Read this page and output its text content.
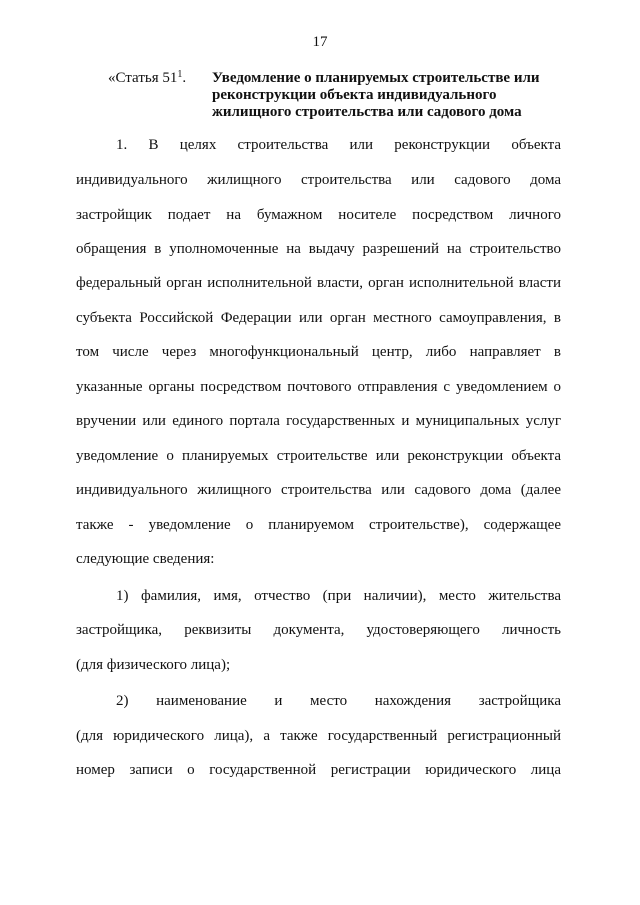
17
«Статья $51^1$. Уведомление о планируемых строительстве или
реконструкции объекта индивидуального
жилищного строительства или садового дома
1. В целях строительства или реконструкции объекта
индивидуального жилищного строительства или садового дома
застройщик подает на бумажном носителе посредством личного
обращения в уполномоченные на выдачу разрешений на строительство
федеральный орган исполнительной власти, орган исполнительной власти
субъекта Российской Федерации или орган местного самоуправления, в
том числе через многофункциональный центр, либо направляет в
указанные органы посредством почтового отправления с уведомлением о
вручении или единого портала государственных и муниципальных услуг
уведомление о планируемых строительстве или реконструкции объекта
индивидуального жилищного строительства или садового дома (далее
также - уведомление о планируемом строительстве), содержащее
следующие сведения:
1) фамилия, имя, отчество (при наличии), место жительства
застройщика, реквизиты документа, удостоверяющего личность
(для физического лица);
2) наименование и место нахождения застройщика
(для юридического лица), а также государственный регистрационный
номер записи о государственной регистрации юридического лица
